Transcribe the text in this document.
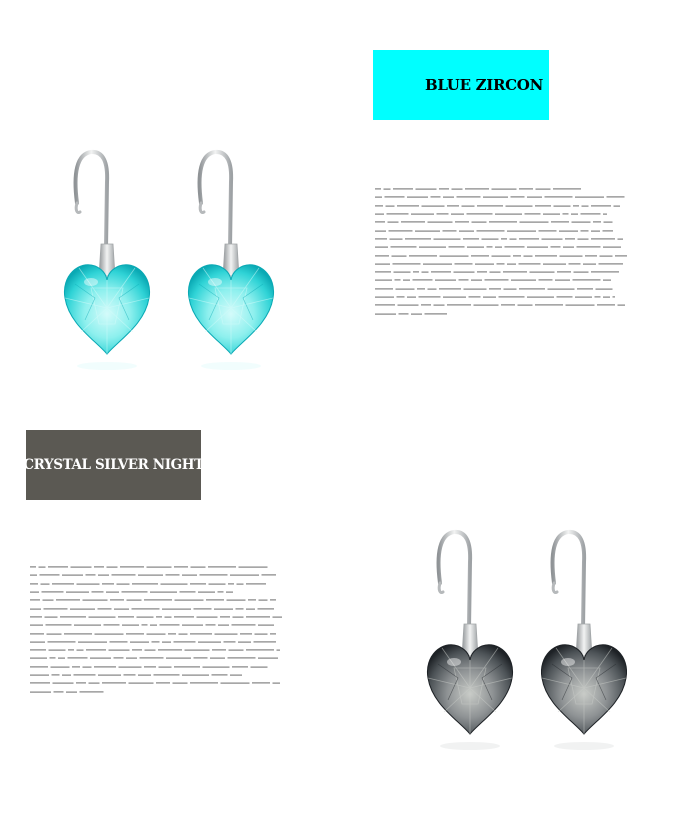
BLUE ZIRCON
CRYSTAL SILVER NIGHT
